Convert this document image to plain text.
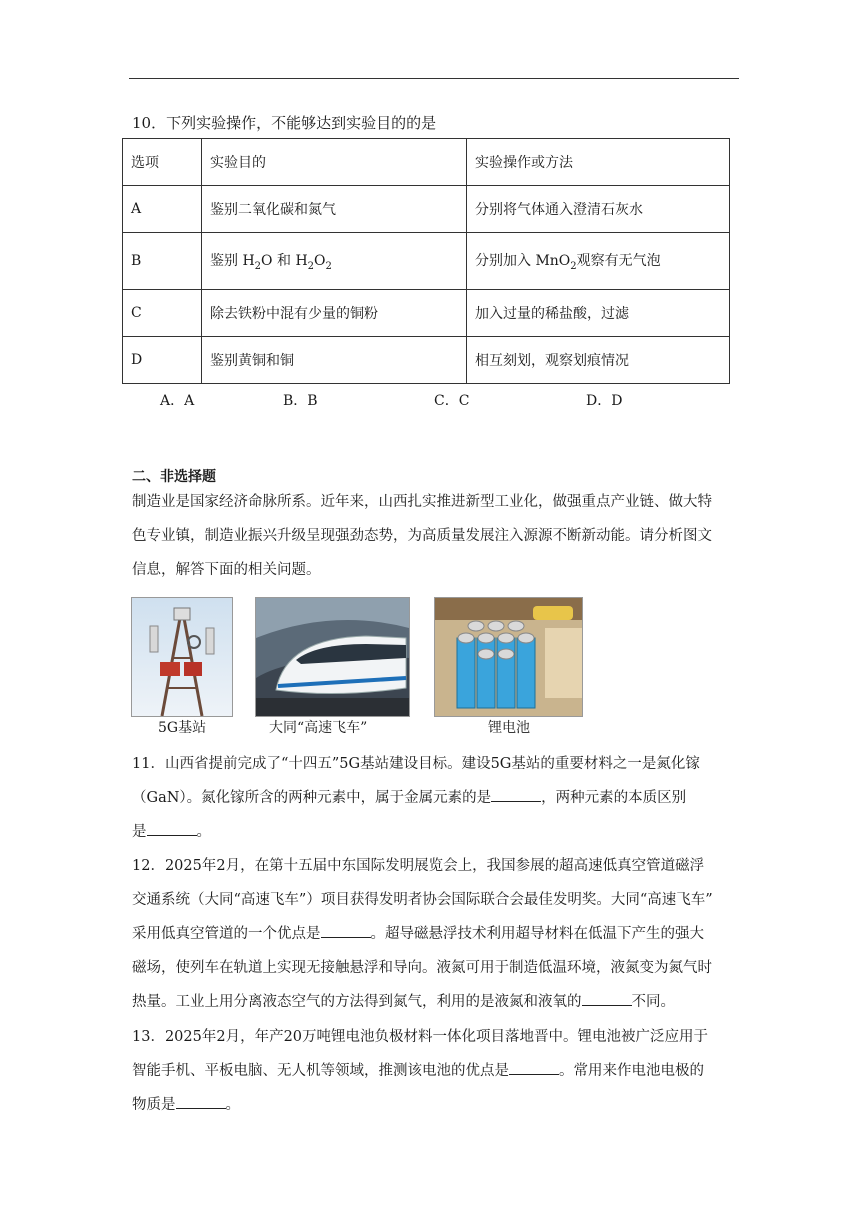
10．下列实验操作，不能够达到实验目的的是
选项	实验目的	实验操作或方法
A	鉴别二氧化碳和氮气	分别将气体通入澄清石灰水
B	鉴别 $H_2O$ 和 $H_2O_2$	分别加入 MnO$_2$观察有无气泡
C	除去铁粉中混有少量的铜粉	加入过量的稀盐酸，过滤
D	鉴别黄铜和铜	相互刻划，观察划痕情况
A．A	B．B	C．C	D．D
二、非选择题
制造业是国家经济命脉所系。近年来，山西扎实推进新型工业化，做强重点产业链、做大特
色专业镇，制造业振兴升级呈现强劲态势，为高质量发展注入源源不断新动能。请分析图文
信息，解答下面的相关问题。
5G基站	大同“高速飞车”	锂电池
11．山西省提前完成了“十四五”5G基站建设目标。建设5G基站的重要材料之一是氮化镓
（GaN）。氮化镓所含的两种元素中，属于金属元素的是	，两种元素的本质区别
是	。
12．2025年2月，在第十五届中东国际发明展览会上，我国参展的超高速低真空管道磁浮
交通系统（大同“高速飞车”）项目获得发明者协会国际联合会最佳发明奖。大同“高速飞车”
采用低真空管道的一个优点是	。超导磁悬浮技术利用超导材料在低温下产生的强大
磁场，使列车在轨道上实现无接触悬浮和导向。液氮可用于制造低温环境，液氮变为氮气时
热量。工业上用分离液态空气的方法得到氮气，利用的是液氮和液氧的	不同。
13．2025年2月，年产20万吨锂电池负极材料一体化项目落地晋中。锂电池被广泛应用于
智能手机、平板电脑、无人机等领域，推测该电池的优点是	。常用来作电池电极的
物质是	。
